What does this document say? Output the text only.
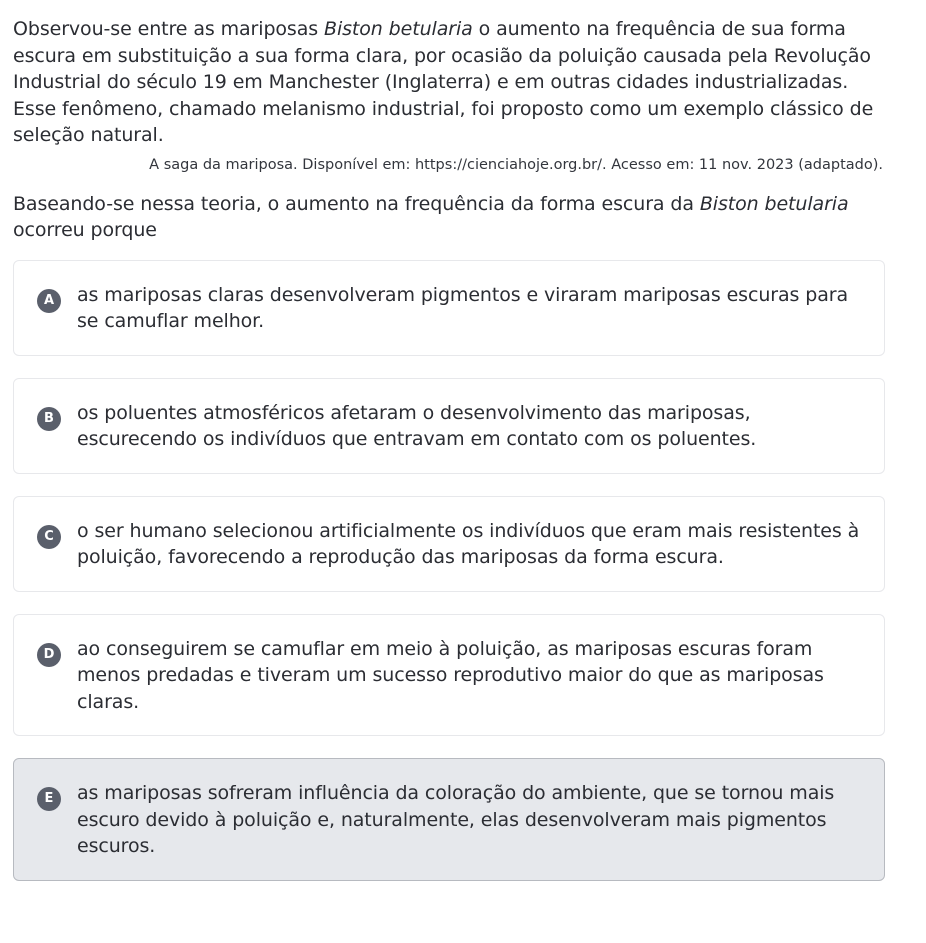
Observou-se entre as mariposas Biston betularia o aumento na frequência de sua forma escura em substituição a sua forma clara, por ocasião da poluição causada pela Revolução Industrial do século 19 em Manchester (Inglaterra) e em outras cidades industrializadas. Esse fenômeno, chamado melanismo industrial, foi proposto como um exemplo clássico de seleção natural.

A saga da mariposa. Disponível em: https://cienciahoje.org.br/. Acesso em: 11 nov. 2023 (adaptado).

Baseando-se nessa teoria, o aumento na frequência da forma escura da Biston betularia ocorreu porque

A	as mariposas claras desenvolveram pigmentos e viraram mariposas escuras para se camuflar melhor.
B	os poluentes atmosféricos afetaram o desenvolvimento das mariposas, escurecendo os indivíduos que entravam em contato com os poluentes.
C	o ser humano selecionou artificialmente os indivíduos que eram mais resistentes à poluição, favorecendo a reprodução das mariposas da forma escura.
D	ao conseguirem se camuflar em meio à poluição, as mariposas escuras foram menos predadas e tiveram um sucesso reprodutivo maior do que as mariposas claras.
E	as mariposas sofreram influência da coloração do ambiente, que se tornou mais escuro devido à poluição e, naturalmente, elas desenvolveram mais pigmentos escuros.
